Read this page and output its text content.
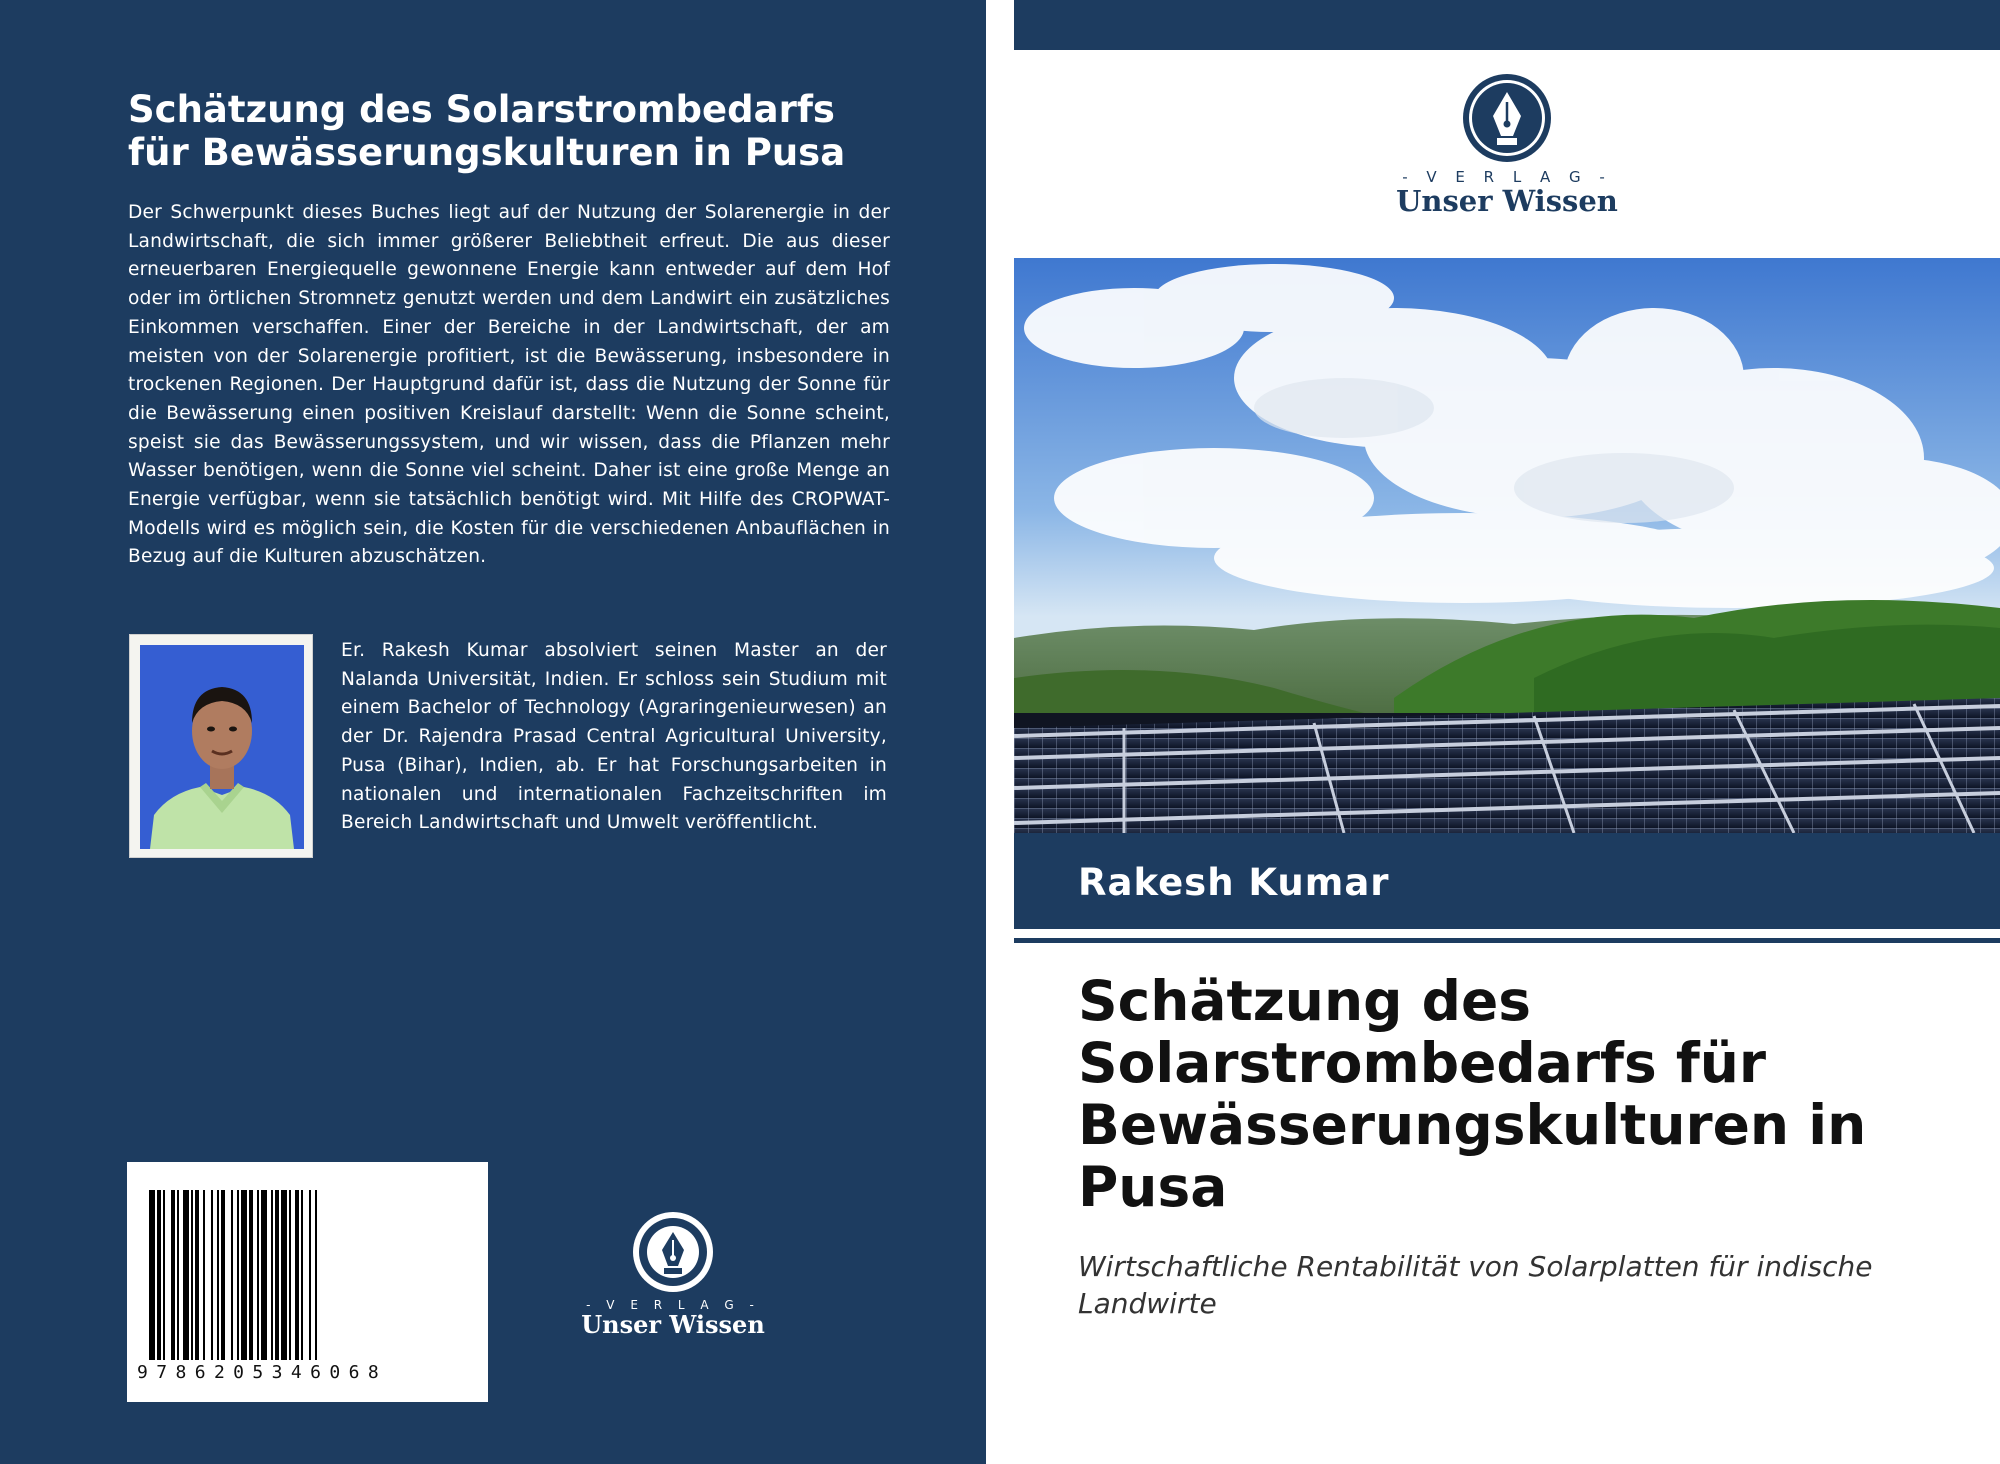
Schätzung des Solarstrombedarfs für Bewässerungskulturen in Pusa

Der Schwerpunkt dieses Buches liegt auf der Nutzung der Solarenergie in der Landwirtschaft, die sich immer größerer Beliebtheit erfreut. Die aus dieser erneuerbaren Energiequelle gewonnene Energie kann entweder auf dem Hof oder im örtlichen Stromnetz genutzt werden und dem Landwirt ein zusätzliches Einkommen verschaffen. Einer der Bereiche in der Landwirtschaft, der am meisten von der Solarenergie profitiert, ist die Bewässerung, insbesondere in trockenen Regionen. Der Hauptgrund dafür ist, dass die Nutzung der Sonne für die Bewässerung einen positiven Kreislauf darstellt: Wenn die Sonne scheint, speist sie das Bewässerungssystem, und wir wissen, dass die Pflanzen mehr Wasser benötigen, wenn die Sonne viel scheint. Daher ist eine große Menge an Energie verfügbar, wenn sie tatsächlich benötigt wird. Mit Hilfe des CROPWAT-Modells wird es möglich sein, die Kosten für die verschiedenen Anbauflächen in Bezug auf die Kulturen abzuschätzen.

Er. Rakesh Kumar absolviert seinen Master an der Nalanda Universität, Indien. Er schloss sein Studium mit einem Bachelor of Technology (Agraringenieurwesen) an der Dr. Rajendra Prasad Central Agricultural University, Pusa (Bihar), Indien, ab. Er hat Forschungsarbeiten in nationalen und internationalen Fachzeitschriften im Bereich Landwirtschaft und Umwelt veröffentlicht.

9786205346068
- V E R L A G -
Unser Wissen
- V E R L A G -
Unser Wissen
Rakesh Kumar
Schätzung des Solarstrombedarfs für Bewässerungskulturen in Pusa
Wirtschaftliche Rentabilität von Solarplatten für indische Landwirte
